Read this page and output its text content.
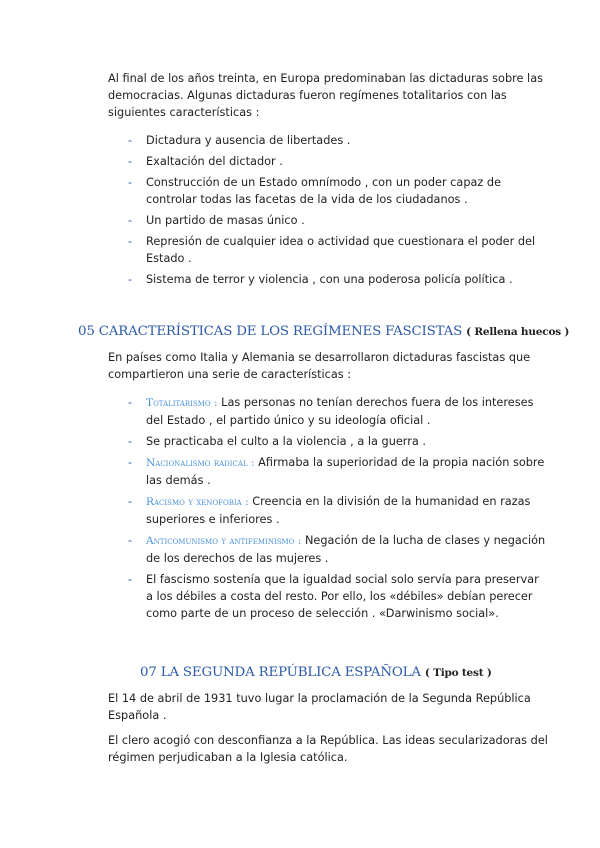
Al final de los años treinta, en Europa predominaban las dictaduras sobre las democracias. Algunas dictaduras fueron regímenes totalitarios con las siguientes características :

- Dictadura y ausencia de libertades .
- Exaltación del dictador .
- Construcción de un Estado omnímodo , con un poder capaz de controlar todas las facetas de la vida de los ciudadanos .
- Un partido de masas único .
- Represión de cualquier idea o actividad que cuestionara el poder del Estado .
- Sistema de terror y violencia , con una poderosa policía política .
05 CARACTERÍSTICAS DE LOS REGÍMENES FASCISTAS ( Rellena huecos )

En países como Italia y Alemania se desarrollaron dictaduras fascistas que compartieron una serie de características :

- Totalitarismo : Las personas no tenían derechos fuera de los intereses del Estado , el partido único y su ideología oficial .
- Se practicaba el culto a la violencia , a la guerra .
- Nacionalismo radical : Afirmaba la superioridad de la propia nación sobre las demás .
- Racismo y xenofobia : Creencia en la división de la humanidad en razas superiores e inferiores .
- Anticomunismo y antifeminismo : Negación de la lucha de clases y negación de los derechos de las mujeres .
- El fascismo sostenía que la igualdad social solo servía para preservar a los débiles a costa del resto. Por ello, los «débiles» debían perecer como parte de un proceso de selección . «Darwinismo social».
07 LA SEGUNDA REPÚBLICA ESPAÑOLA ( Tipo test )

El 14 de abril de 1931 tuvo lugar la proclamación de la Segunda República Española .

El clero acogió con desconfianza a la República. Las ideas secularizadoras del régimen perjudicaban a la Iglesia católica.
